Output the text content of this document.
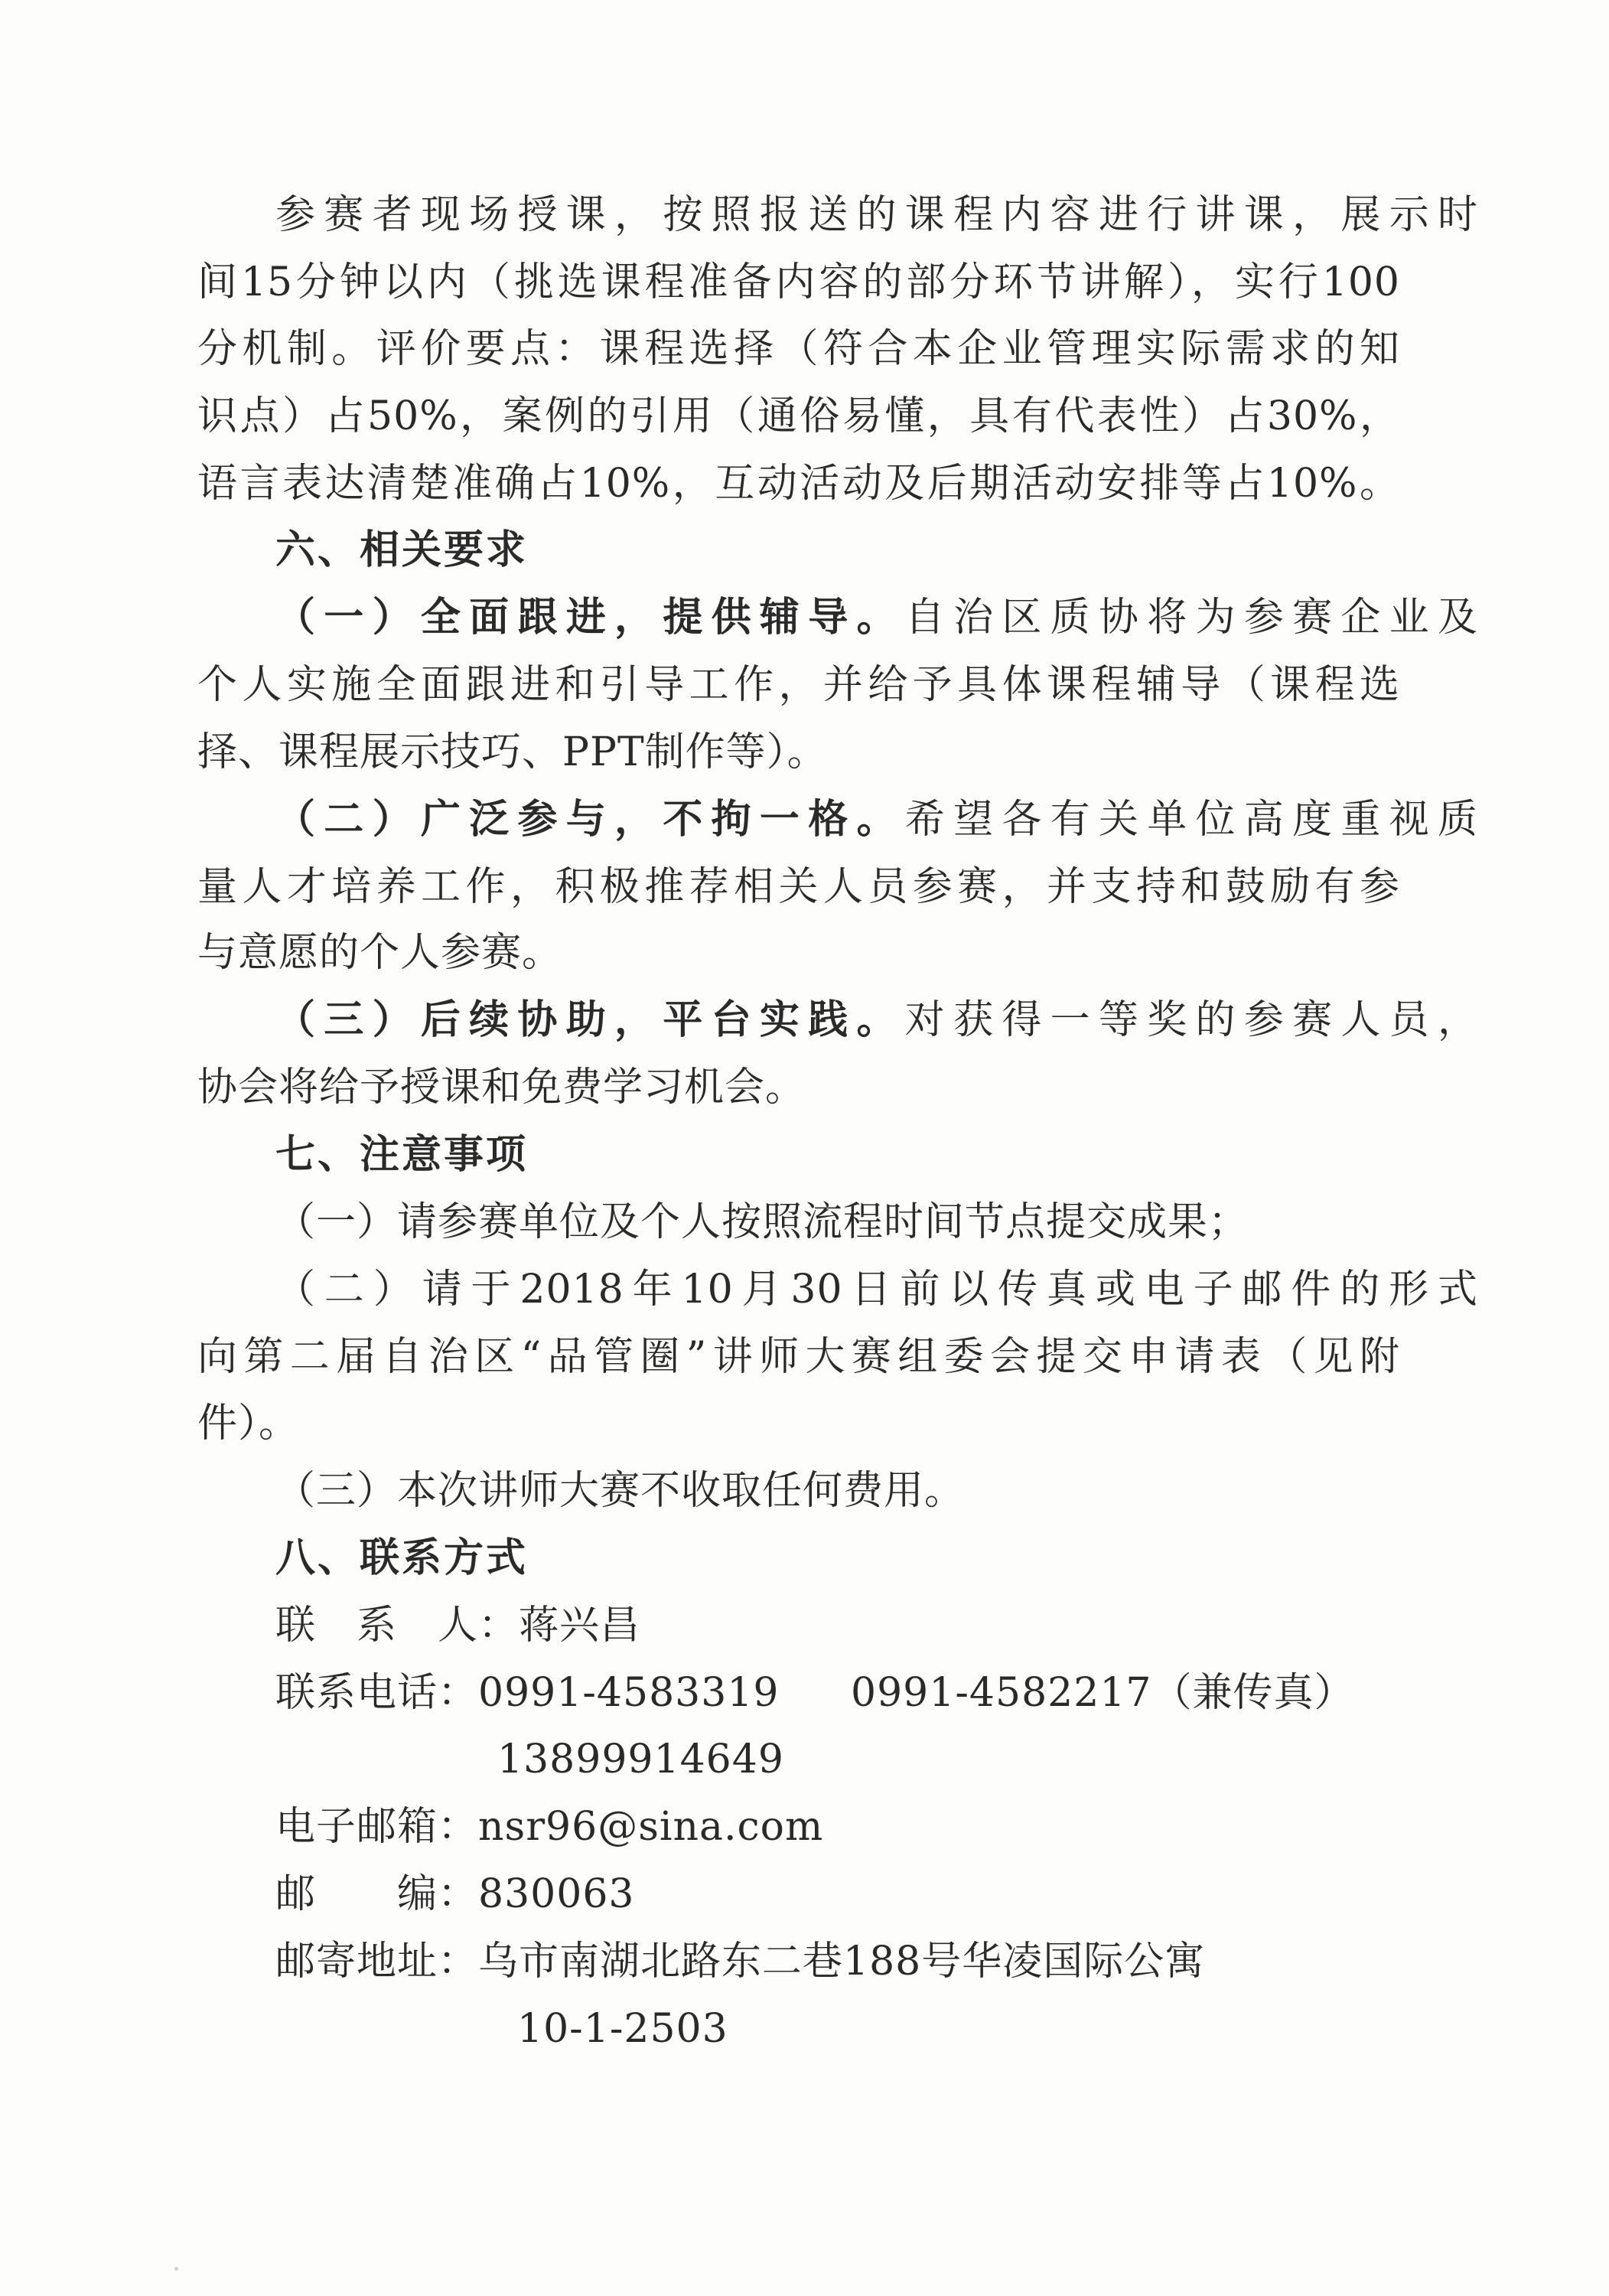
参赛者现场授课，按照报送的课程内容进行讲课，展示时
间15分钟以内（挑选课程准备内容的部分环节讲解），实行100
分机制。评价要点：课程选择（符合本企业管理实际需求的知
识点）占50%，案例的引用（通俗易懂，具有代表性）占30%，
语言表达清楚准确占10%，互动活动及后期活动安排等占10%。
六、相关要求
（一）全面跟进，提供辅导。自治区质协将为参赛企业及
个人实施全面跟进和引导工作，并给予具体课程辅导（课程选
择、课程展示技巧、PPT制作等）。
（二）广泛参与，不拘一格。希望各有关单位高度重视质
量人才培养工作，积极推荐相关人员参赛，并支持和鼓励有参
与意愿的个人参赛。
（三）后续协助，平台实践。对获得一等奖的参赛人员，
协会将给予授课和免费学习机会。
七、注意事项
（一）请参赛单位及个人按照流程时间节点提交成果；
（二）请于2018年10月30日前以传真或电子邮件的形式
向第二届自治区“品管圈”讲师大赛组委会提交申请表（见附
件）。
（三）本次讲师大赛不收取任何费用。
八、联系方式
联　系　人：蒋兴昌
联系电话：0991-4583319 0991-4582217（兼传真）
13899914649
电子邮箱：nsr96@sina.com
邮　　编：830063
邮寄地址：乌市南湖北路东二巷188号华凌国际公寓
10-1-2503
